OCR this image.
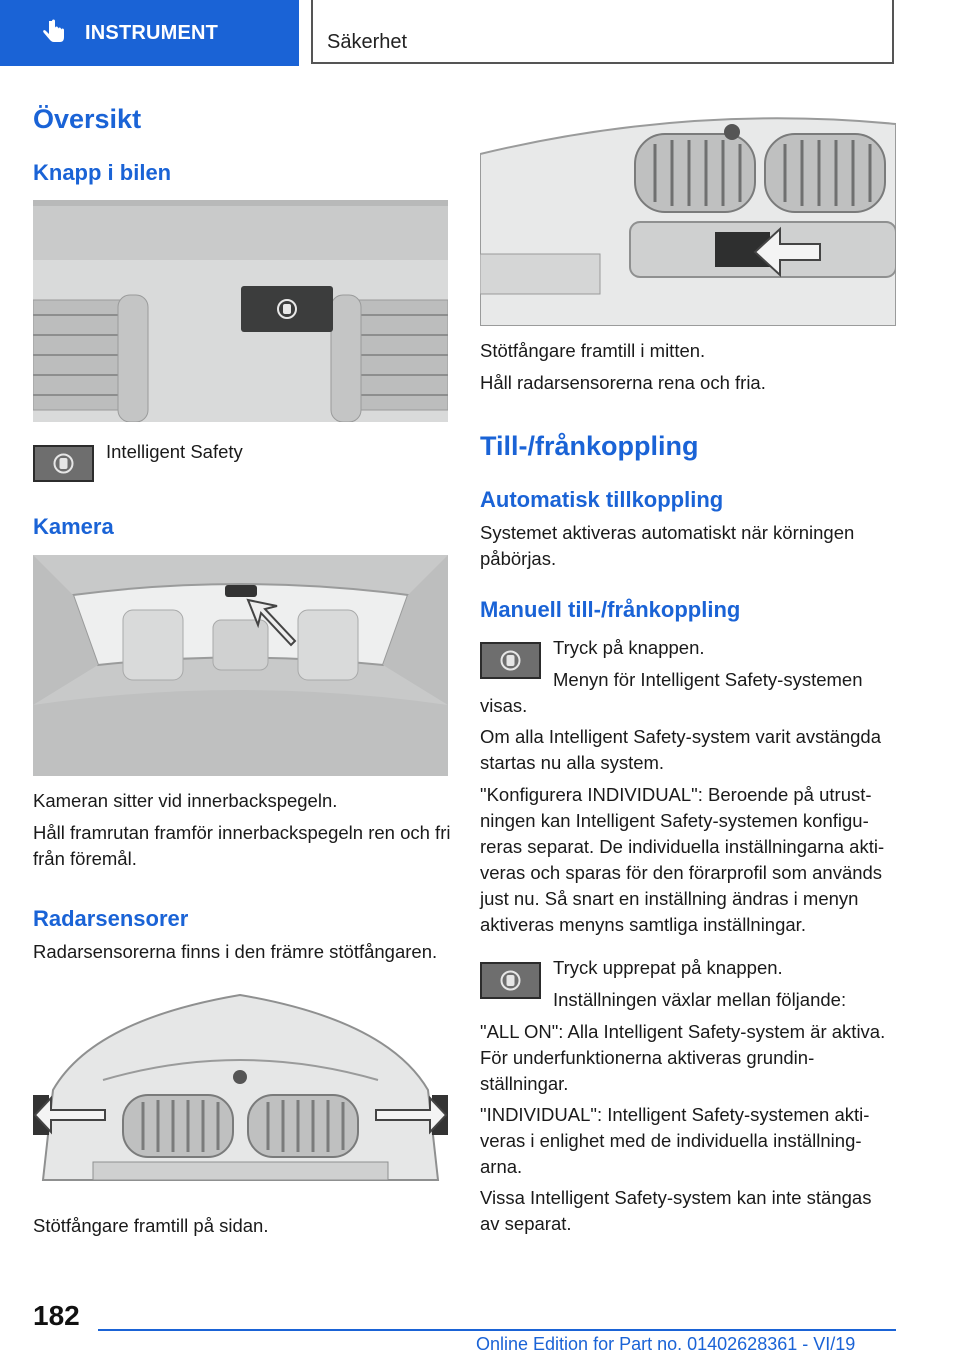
INSTRUMENT	Säkerhet
Översikt
Knapp i bilen
Intelligent Safety
Kamera
Kameran sitter vid innerbackspegeln.
Håll framrutan framför innerbackspegeln ren och fri från föremål.
Radarsensorer
Radarsensorerna finns i den främre stötfångaren.
Stötfångare framtill på sidan.
Stötfångare framtill i mitten.
Håll radarsensorerna rena och fria.
Till-/frånkoppling
Automatisk tillkoppling
Systemet aktiveras automatiskt när körningen påbörjas.
Manuell till-/frånkoppling
Tryck på knappen.
Menyn för Intelligent Safety-systemen
visas.
Om alla Intelligent Safety-system varit avstängda startas nu alla system.
"Konfigurera INDIVIDUAL": Beroende på utrustningen kan Intelligent Safety-systemen konfigureras separat. De individuella inställningarna aktiveras och sparas för den förarprofil som används just nu. Så snart en inställning ändras i menyn aktiveras menyns samtliga inställningar.
Tryck upprepat på knappen.
Inställningen växlar mellan följande:
"ALL ON": Alla Intelligent Safety-system är aktiva. För underfunktionerna aktiveras grundinställningar.
"INDIVIDUAL": Intelligent Safety-systemen aktiveras i enlighet med de individuella inställningarna.
Vissa Intelligent Safety-system kan inte stängas av separat.
182
Online Edition for Part no. 01402628361 - VI/19
